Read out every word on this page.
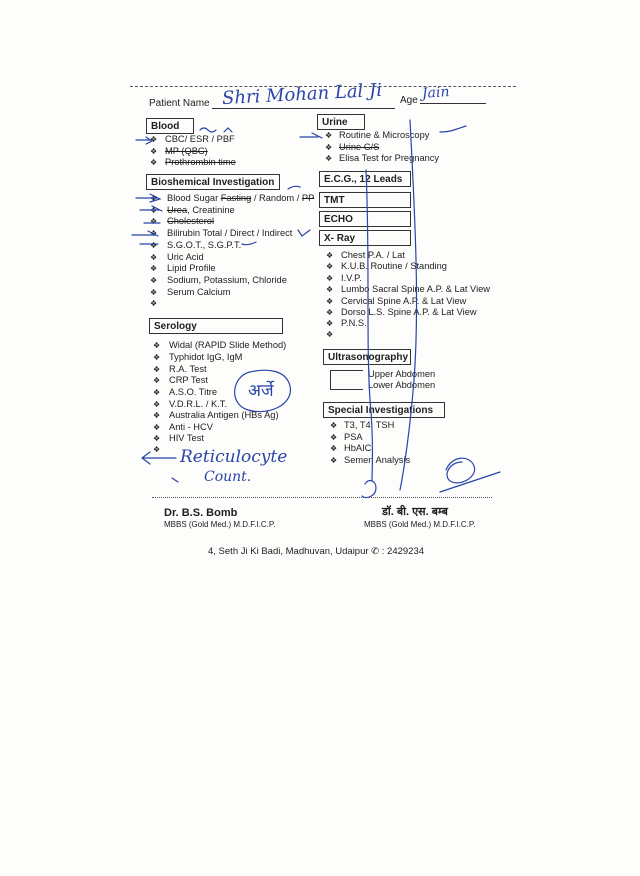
Patient Name	Age
Shri Mohan Lal Ji	Jain
Blood
❖ CBC/ ESR / PBF
❖ MP (QBC)
❖ Prothrombin time
Bioshemical Investigation
❖ Blood Sugar Fasting / Random / PP
❖ Urea, Creatinine
❖ Cholesterol
❖ Bilirubin Total / Direct / Indirect
❖ S.G.O.T., S.G.P.T.
❖ Uric Acid
❖ Lipid Profile
❖ Sodium, Potassium, Chloride
❖ Serum Calcium
❖
Serology
❖ Widal (RAPID Slide Method)
❖ Typhidot IgG, IgM
❖ R.A. Test
❖ CRP Test
❖ A.S.O. Titre
❖ V.D.R.L. / K.T.
❖ Australia Antigen (HBs Ag)
❖ Anti - HCV
❖ HIV Test
❖ Reticulocyte
Count.
अर्जे
Urine
❖ Routine & Microscopy
❖ Urine C/S
❖ Elisa Test for Pregnancy
E.C.G., 12 Leads
TMT
ECHO
X- Ray
❖ Chest P.A. / Lat
❖ K.U.B. Routine / Standing
❖ I.V.P.
❖ Lumbo Sacral Spine A.P. & Lat View
❖ Cervical Spine A.P. & Lat View
❖ Dorso L.S. Spine A.P. & Lat View
❖ P.N.S.
❖
Ultrasonography
Upper Abdomen
Lower Abdomen
Special Investigations
❖ T3, T4, TSH
❖ PSA
❖ HbAIC
❖ Semen Analysis
Dr. B.S. Bomb
MBBS (Gold Med.) M.D.F.I.C.P.
डॉ. बी. एस. बम्ब
MBBS (Gold Med.) M.D.F.I.C.P.
4, Seth Ji Ki Badi, Madhuvan, Udaipur ✆ : 2429234
